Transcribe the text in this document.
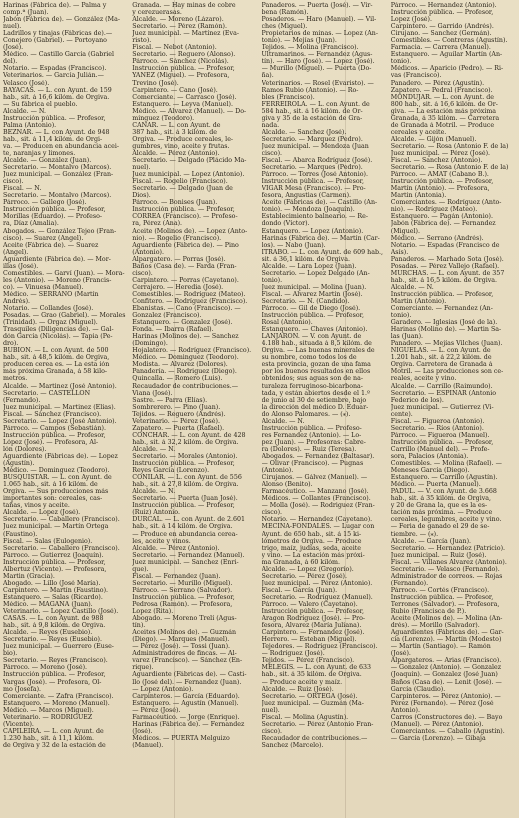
Harinas (Fábrica de). — Palma y
comp.ª (Juan).
Jabón (Fábrica de). — González (Ma-
nuel).
Ladrillos y tinajas (Fábricas de).—
Conejero (Gabriel). — Portoyano
(José).
Médico. — Castillo García (Gabriel
del).
Notario. — Espadas (Francisco).
Veterinarios. — García Julián.—
Velasco (José).
BAYACAS. — L. con Ayunt. de 159
hab., sit. á 16,6 kilóm. de Orgiva.
— Su fábrica el pueblo.
Alcalde. — N.
Instrucción pública. — Profesor,
Palma (Antonio).
BEZNAR. — L. con Ayunt. de 948
hab., sit. á 11,4 kilóm. de Orgi-
va. — Producen en abundancia acei-
te, naranjas y limones.
Alcalde. — González (Juan).
Secretario. — Montalvo (Marcos).
Juez municipal. — González (Fran-
cisco).
Fiscal. — N.
Secretario. — Montalvo (Marcos).
Párroco. — Gallego (José).
Instrucción pública. — Profesor,
Morillas (Eduardo). — Profeso-
ra, Díaz (Amalia).
Abogados. — González Tejeo (Fran-
cisco). — Suarez (Ángel).
Aceite (Fábrica de). — Suarez
(Ángel).
Aguardiente (Fábrica de). — Mor-
illas (José).
Comestibles. — Garví (Juan). — Mora-
les (Antonio). — Moreno (Francis-
co). — Vinuesa (Manuel).
Médico. — SERRANO (Martín
Andrés).
Notario. — Collandes (José).
Posadas. — Grao (Gabriel). — Morales
(Trinidad). — Orgaz (Miguel).
Trasquiles (Diligencias de). — Gal-
dón García (Nicolás). — Tapia (Pe-
dro).
BUBION. — L. con Ayunt. de 500
hab., sit. á 48,5 kilóm. de Orgiva,
producen cerea es. — La esta ión
más próxima Granada, á 58 kilo-
metros.
Alcalde. — Martinez (José Antonio).
Secretario. — CASTELLON
(Fernando).
Juez municipal. — Martinez (Elías).
Fiscal. — Sánchez (Francisco).
Secretario. — Lopez (José Antonio).
Párroco. — Campos (Sebastián).
Instrucción pública. — Profesor,
López (José). — Profesora, Al-
lón (Dolores).
Aguardiente (Fábricas de). — Lopez
(Agustín).
Médico. — Dominguez (Teodoro).
BUSQUISTAR. — L. con Ayunt. de
1.065 hab., sit. á 16 kilóm. de
Orgiva. — Sus producciones más
importantes son: cereales, cas-
tañas, vinos y aceite.
Alcalde. — Lopez (José).
Secretario. — Caballero (Francisco).
Juez municipal. — Martín Ortega
(Faustino).
Fiscal. — Salas (Eulogenio).
Secretario. — Caballero (Francisco).
Párroco. — Gutierrez (Joaquín).
Instrucción pública. — Profesor,
Albertuz (Vicente). — Profesora,
Martin (Gracia).
Abogado. — Lillo (José María).
Carpintero. — Martín (Faustino).
Estanquero. — Salas (Ricardo).
Médico. — MAGAÑA (Juan).
Veterinario. — Lopez Castillo (José).
CASAS. — L. con Ayunt. de 988
hab., sit. á 9,8 kilóm. de Orgiva.
Alcalde. — Reyes (Eusebio).
Secretario. — Reyes (Eusebio).
Juez municipal. — Guerrero (Euse-
bio).
Secretario. — Reyes (Francisco).
Párroco. — Moreno (José).
Instrucción pública. — Profesor,
Vargas (José). — Profesora, Ol-
mo (Josefa).
Comerciante. — Zafra (Francisco).
Estanquero. — Moreno (Manuel).
Médico. — Marcos (Miguel).
Veterinario. — RODRIGUEZ
(Vicente).
CAPILEIRA. — L. con Ayunt. de
1.230 hab., sit. á 11,1 kilóm.
de Orgiva y 32 de la estación de
Granada. — Hay minas de cobre
y cerezuerasas.
Alcalde. — Moreno (Lázaro).
Secretario. — Pérez (Ramón).
Juez municipal. — Martínez (Eva-
risto).
Fiscal. — Nebot (Antonio).
Secretario. — Reguero (Alonso).
Párroco. — Sánchez (Nicolás).
Instrucción pública. — Profesor,
YÁÑEZ (Miguel). — Profesora,
Trevino (José).
Carpintero. — Cano (José).
Comerciante. — Carrasco (José).
Estanquero. — Leyva (Manuel).
Médico. — Alvarez (Manuel). — Do-
minguez (Teodoro).
CAÑAR. — L. con Ayunt. de
387 hab., sit. á 3 kilóm. de
Orgiva. — Produce cereales, le-
gumbres, vino, aceite y frutas.
Alcalde. — Pérez (Antonio).
Secretario. — Delgado (Plácido Ma-
nuel).
Juez municipal. — Lopez (Antonio).
Fiscal. — Rogelio (Francisco).
Secretario. — Delgado (Juan de
Dios).
Párroco. — Bonises (Juan).
Instrucción pública. — Profesor,
CORREA (Francisco). — Profeso-
ra, Pérez (Ana).
Aceite (Molinos de). — Lopez (Anto-
nio). — Rogelio (Francisco).
Aguardiente (Fábrica de). — Pino
(Antonio).
Alpargatero. — Porras (José).
Baños (Casa de). — Farda (Fran-
cisco).
Carpintero. — Porras (Cayetano).
Cerrajero. — Heredia (José).
Comestibles. — Rodríguez (Mateo).
Confitero. — Rodríguez (Francisco).
Ebanistas. — Cano (Francisco). —
Gonzalez (Francisco).
Estanquero. — Gonzalez (José).
Fonda. — Ibarra (Rafael).
Harinas (Molinos de). — Sanchez
(Domingo).
Hojalatero. — Rodríguez (Francisco).
Médico. — Dominguez (Teodoro).
Modista. — Álvarez (Dolores).
Panadería. — Rodriguez (Diego).
Quincalla. — Romero (Luis).
Recaudador de contribuciones.—
Viana (José).
Sastre. — Parra (Elías).
Sombrerero. — Pino (Juan).
Tejidos. — Reguero (Andrés).
Veterinario. — Pérez (José).
Zapatero. — Puerta (Rafael).
CONCHAR. — L. con Ayunt. de 428
hab., sit. á 32,2 kilóm. de Orgiva.
Alcalde. — N.
Secretario. — Morales (Antonio).
Instrucción pública. — Profesor,
Reyes García (Lorenzo).
CÓÑILAR. — L. con Ayunt. de 556
hab., sit. á 27,8 kilóm. de Orgiva.
Alcalde. — N.
Secretario. — Puerta (Juan José).
Instrucción pública. — Profesor,
(Ruiz) Antonio.
DURCAL. — L. con Ayunt. de 2.601
hab., sit. á 14 kilóm. de Orgiva.
— Produce en abundancia cerea-
les, aceite y vinos.
Alcalde. — Pérez (Antonio).
Secretario. — Fernandez (Manuel).
Juez municipal. — Sanchez (Enri-
que).
Fiscal. — Fernandez (Juan).
Secretario. — Murillo (Miguel).
Párroco. — Serrano (Salvador).
Instrucción pública. — Profesor,
Pedrosa (Ramón). — Profesora,
Lopez (Rita).
Abogado. — Moreno Trelí (Agus-
tín).
Aceites (Molinos de). — Guzmán
(Diego). — Marques (Manuel).
— Pérez (José). — Tossi (Juan).
Administradores de fincas. — Al-
varez (Francisco). — Sánchez (En-
rique).
Aguardiente (Fábricas de). — Casti-
llo (José del). — Fernandez (Juan).
— Lopez (Antonio).
Carpinteros. — García (Eduardo).
Estanquero. — Agustín (Manuel).
— Pérez (José).
Farmacéutico. — Jorge (Enrique).
Harinas (Fábrica de). — Fernandez
(José).
Médicos. — PUERTA Melguizo
(Manuel).
Panaderos. — Puerta (José). — Vir-
bena (Ramón).
Posaderos. — Haro (Manuel). — Vil-
ches (Miguel).
Propietarios de minas. — Lopez (An-
tonio). — Mejías (Juan).
Tejidos. — Molina (Francisco).
Ultramarinos. — Fernandez (Agus-
tín). — Haro (José). — Lopez (José).
— Murillo (Miguel). — Puerta (Do-
ña).
Veterinarios. — Rosel (Evaristo). —
Ramos Rubio (Antonio). — Ro-
bles (Francisco).
FERREIROLA. — L. con Ayunt. de
584 hab., sit. á 16 kilóm. de Or-
giva y 35 de la estación de Gra-
nada.
Alcalde. — Sanchez (José).
Secretario. — Marquez (Pedro).
Juez municipal. — Mendoza (Juan
cisco).
Fiscal. — Abarca Rodríguez (José).
Secretario. — Marques (Pedro).
Párroco. — Torres (José Antonio).
Instrucción pública. — Profesor,
VIGAR Mesa (Francisco). — Pro-
fesora, Angustias (Carmen).
Aceite (Fábricas de). — Castillo (An-
tonio). — Mendoza (Joaquín).
Establecimiento balneario. — Re-
dondo (Víctor).
Estanquero. — Lopez (Antonio).
Harinas (Fábrica de). — Martín (Car-
los). — Nabo (Juan).
ITRABO. — L. con Ayunt. de 609 hab.,
sit. á 36,1 kilóm. de Orgiva.
Alcalde. — Lara Lopez (Juan).
Secretario. — Lopez Delgado (An-
tonio).
Juez municipal. — Molina (Juan).
Fiscal. — Alvarez Martín (José).
Secretario. — N. (Candido).
Párroco. — Gil de Diego (José).
Instrucción pública. — Profesor,
Rosal (Antonio).
Estanquero. — Chaves (Antonio).
LANJARÓN. — V. con Ayunt. de
4.188 hab., situada á 8,5 kilóm. de
Orgiva. — Las buenas minerales de
su nombre, como todos los de
esta provincia, gozan de una fama
por los buenos resultados en ellos
obtenidos; sus aguas son de na-
turaleza ferruginoso-bicarbona-
tada, y están abiertos desde el 1.º
de junio al 30 de setiembre, bajo
la dirección del médico D. Eduar-
do Alonso Palomares. — (⁎).
Alcalde. — N.
Instrucción pública. — Profeso-
res Fernandez (Antonio). — Lo-
pez (Juan). — Profesoras: Cabre-
ra (Dolores). — Ruiz (Teresa).
Abogados. — Fernandez (Baltasar).
— Olivar (Francisco). — Pugnas
(Antonio).
Cirujanos. — Gálvez (Manuel). —
Alonso (Benito).
Farmacéutico. — Manzano (José).
Médicos. — Collantes (Francisco).
— Molla (José). — Rodriguez (Fran-
cisco).
Notario. — Hernandez (Cayetano).
MECINA-FONDALES. — Lugar con
Ayunt. de 650 hab., sit. á 15 ki-
lómetros de Orgiva. — Produce
trigo, maíz, judías, seda, aceite
y vino. — La estación más próxi-
ma Granada, á 60 kilóm.
Alcalde. — Lopez (Gregorio).
Secretario. — Pérez (José).
Juez municipal. — Pérez (Antonio).
Fiscal. — García (Juan).
Secretario. — Rodríguez (Manuel).
Párroco. — Valero (Cayetano).
Instrucción pública. — Profesor,
Aragon Rodríguez (José). — Pro-
fesora, Álvarez (María Juliana).
Carpintero. — Fernandez (José).
Herrero. — Esteban (Miguel).
Tejedores. — Rodríguez (Francisco).
— Rodríguez (José).
Tejidos. — Pérez (Francisco).
MELEGIS. — L. con Ayunt. de 633
hab., sit. á 35 kilóm. de Orgiva.
— Produce aceite y maíz.
Alcalde. — Ruiz (José).
Secretario. — ORTEGA (José).
Juez municipal. — Guzmán (Ma-
nuel).
Fiscal. — Molina (Agustín).
Secretario. — Pérez (Antonio Fran-
cisco).
Recaudador de contribuciones.—
Sanchez (Marcelo).
Párroco. — Hernandez (Antonio).
Instrucción pública. — Profesor,
Lopez (José).
Carpintero. — Garrido (Andrés).
Cirujano. — Sanchez (Germán).
Comestibles. — Contreras (Agustín).
Farmacia. — Carrera (Manuel).
Estanquero. — Aguilar Martín (An-
tonio).
Médicos. — Aparicio (Pedro). — Ri-
vas (Francisco).
Panadero. — Pérez (Agustín).
Zapatero. — Pedral (Francisco).
MONDUJAR. — L. con Ayunt. de
800 hab., sit. á 16,6 kilóm. de Or-
giva. — La estación más próxima
Granada, á 35 kilóm. — Carretera
de Granada á Motril. — Produce
cereales y aceite.
Alcalde. — Gijón (Manuel).
Secretario. — Rosa (Antonio F. de la)
Juez municipal. — Pérez (José).
Fiscal. — Sanchez (Antonio).
Secretario. — Rosa (Antonio F. de la)
Párroco. — AMAT (Cabano B.).
Instrucción pública. — Profesor,
Martín (Antonio). — Profesora,
Martin (Antonia).
Comerciantes. — Rodríguez (Anto-
nio). — Rodríguez (Mateo).
Estanquero. — Pagán (Antonio).
Jabón (Fábrica de). — Fernandez
(Miguel).
Médico. — Serrano (Andrés).
Notario. — Espadas (Francisco de
Asís).
Panaderos. — Marhado Sota (José).
Posadas. — Pérez Vallejo (Rafael).
MURCHAS. — L. con Ayunt. de 357
hab., sit. á 16,5 kilóm. de Orgiva.
Alcalde. — N.
Instrucción pública. — Profesor,
Martin (Antonio).
Comerciante. — Fernandez (An-
tonio).
Garadero. — Iglesias (José de la).
Harinas (Molino de). — Martin Sa-
las (Juan).
Panadero. — Mejías Vilches (Juan).
NIGUELAS. — L. con Ayunt. de
1.201 hab., sit. á 22,2 kilóm. de
Orgiva. Carretera de Granada á
Motril. — Las producciones son ce-
reales, aceite y vino.
Alcalde. — Carrillo (Raimundo).
Secretario. — ESPINAR (Antonio
Federico de los).
Juez municipal. — Gutierrez (Vi-
cente).
Fiscal. — Figueroa (Antonio).
Secretario. — Ríos (Antonio).
Párroco. — Figueroa (Manuel).
Instrucción pública. — Profesor,
Carrillo (Manuel del). — Profe-
sora, Palacios (Antonia).
Comestibles. — Molina (Rafael). —
Meneses García (Diego).
Estanquero. — Carrillo (Agustín).
Médico. — Puerta (Manuel).
PADUL. — V. con Ayunt. de 3.668
hab., sit. á 35 kilóm. de Orgiva,
y 20 de Grana la, que es la es-
tación más próxima. — Produce
cereales, legumbres, aceite y vino.
— Feria de ganado el 29 de se-
tiembre. — (⁎).
Alcalde. — García (Juan).
Secretario. — Hernandez (Patricio).
Juez municipal. — Ruiz (José).
Fiscal. — Villanes Alvarez (Antonio).
Secretario. — Velasco (Fernando).
Administrador de correos. — Rojas
(Fernando).
Párroco. — Cortés (Francisco).
Instrucción pública. — Profesor,
Terrones (Salvador). — Profesora,
Rubio (Francisca de P.).
Aceite (Molinos de). — Molina (An-
drés). — Morillo (Salvador).
Aguardientes (Fábricas de). — Gar-
cía (Lorenzo). — Martín (Modesto)
— Martín (Santiago). — Ramón
(José).
Alpargateros. — Arias (Francisco).
— Gonzalez (Antonio). — Gonzalez
(Joaquín). — Gonzalez (José Juan)
Baños (Casa de). — Lenit (José). —
García (Claudio).
Carpinteros. — Pérez (Antonio). —
Pérez (Fernando). — Pérez (José
Antonio).
Carros (Constructores de). — Bayo
(Manuel). — Pérez (Antonio).
Comerciantes. — Caballo (Agustín).
— García (Lorenzo). — Gibaja
